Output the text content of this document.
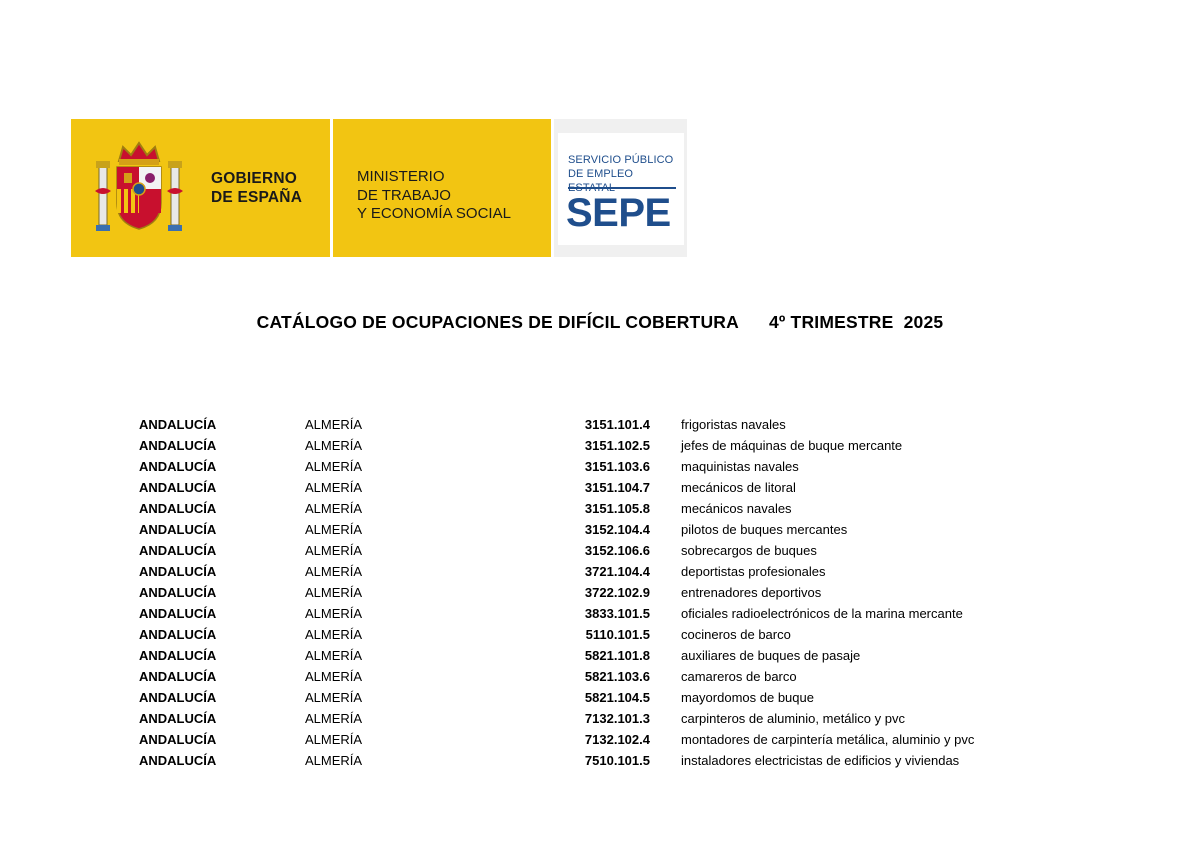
GOBIERNO
DE ESPAÑA
MINISTERIO
DE TRABAJO
Y ECONOMÍA SOCIAL
SERVICIO PÚBLICO
DE EMPLEO
SEPE
CATÁLOGO DE OCUPACIONES DE DIFÍCIL COBERTURA 4º TRIMESTRE  2025
ANDALUCÍA	ALMERÍA	3151.101.4 frigoristas navales
ANDALUCÍA	ALMERÍA	3151.102.5 jefes de máquinas de buque mercante
ANDALUCÍA	ALMERÍA	3151.103.6 maquinistas navales
ANDALUCÍA	ALMERÍA	3151.104.7 mecánicos de litoral
ANDALUCÍA	ALMERÍA	3151.105.8 mecánicos navales
ANDALUCÍA	ALMERÍA	3152.104.4 pilotos de buques mercantes
ANDALUCÍA	ALMERÍA	3152.106.6 sobrecargos de buques
ANDALUCÍA	ALMERÍA	3721.104.4 deportistas profesionales
ANDALUCÍA	ALMERÍA	3722.102.9 entrenadores deportivos
ANDALUCÍA	ALMERÍA	3833.101.5 oficiales radioelectrónicos de la marina mercante
ANDALUCÍA	ALMERÍA	5110.101.5 cocineros de barco
ANDALUCÍA	ALMERÍA	5821.101.8 auxiliares de buques de pasaje
ANDALUCÍA	ALMERÍA	5821.103.6 camareros de barco
ANDALUCÍA	ALMERÍA	5821.104.5 mayordomos de buque
ANDALUCÍA	ALMERÍA	7132.101.3 carpinteros de aluminio, metálico y pvc
ANDALUCÍA	ALMERÍA	7132.102.4 montadores de carpintería metálica, aluminio y pvc
ANDALUCÍA	ALMERÍA	7510.101.5 instaladores electricistas de edificios y viviendas
